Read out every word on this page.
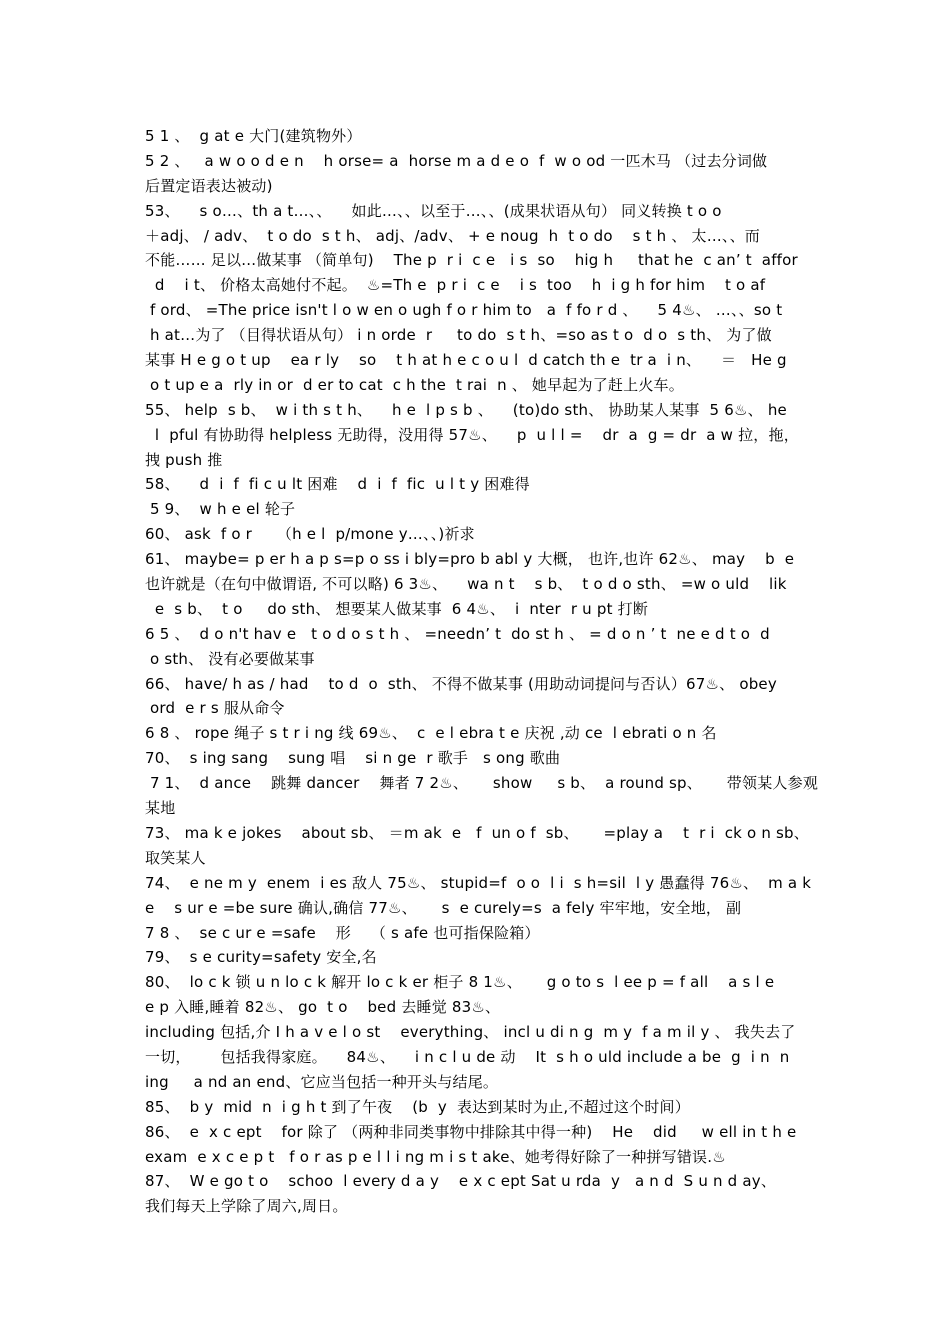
5 1 、  g at e 大门(建筑物外）
5 2 、   a w o o d e n    h orse= a  horse m a d e o  f  w o od 一匹木马 （过去分词做
后置定语表达被动)
53、    s o…、th a t…、、    如此…、、以至于…、、(成果状语从句） 同义转换 t o o
＋adj、 / adv、  t o do  s t h、 adj、/adv、 + e noug  h  t o do    s t h 、 太…、、而
不能…… 足以…做某事 （简单句)    The p  r i  c e   i s  so    hig h     that he  c an’ t  affor
d    i t、 价格太高她付不起。  ♨=Th e  p r i  c e    i s  too    h  i g h for him    t o af
f ord、 =The price isn't l o w en o ugh f o r him to   a  f fo r d 、    5 4♨、 …、、so t
h at…为了 （目得状语从句） i n orde  r     to do  s t h、=so as t o  d o  s th、 为了做
某事 H e g o t up    ea r ly    so    t h at h e c o u l  d catch th e  tr a  i n、    ＝   He g
o t up e a  rly in or  d er to cat  c h the  t rai  n 、 她早起为了赶上火车。
55、 help  s b、  w i th s t h、    h e  l p s b 、    (to)do sth、 协助某人某事  5 6♨、 he
l  pful 有协助得 helpless 无助得，没用得 57♨、    p  u l l =    dr  a  g = dr  a w 拉，拖，
拽 push 推
58、    d  i  f  fi c u lt 困难    d  i  f  fic  u l t y 困难得
5 9、  w h e el 轮子
60、 ask  f o r     （h e l  p/mone y…、、)祈求
61、 maybe= p er h a p s=p o ss i bly=pro b abl y 大概， 也许,也许 62♨、 may    b  e
也许就是（在句中做谓语, 不可以略) 6 3♨、    wa n t    s b、  t o d o sth、 =w o uld    lik
e  s b、  t o     do sth、 想要某人做某事  6 4♨、  i  nter  r u pt 打断
6 5 、  d o n't hav e   t o d o s t h 、 =needn’ t  do st h 、 = d o n ’ t  ne e d t o  d
o sth、 没有必要做某事
66、 have/ h as / had    to d  o  sth、 不得不做某事 (用助动词提问与否认）67♨、 obey
ord  e r s 服从命令
6 8 、 rope 绳子 s t r i ng 线 69♨、  c  e l ebra t e 庆祝 ,动 ce  l ebrati o n 名
70、  s ing sang    sung 唱    si n ge  r 歌手   s ong 歌曲
7 1、  d ance    跳舞 dancer    舞者 7 2♨、     show     s b、  a round sp、     带领某人参观
某地
73、 ma k e jokes    about sb、 ＝m ak  e   f  un o f  sb、     =play a    t  r i  ck o n sb、
取笑某人
74、  e ne m y  enem  i es 敌人 75♨、 stupid=f  o o  l i  s h=sil  l y 愚蠢得 76♨、  m a k
e    s ur e =be sure 确认,确信 77♨、     s  e curely=s  a fely 牢牢地，安全地， 副
7 8 、  se c ur e =safe    形    （ s afe 也可指保险箱）
79、  s e curity=safety 安全,名
80、  lo c k 锁 u n lo c k 解开 lo c k er 柜子 8 1♨、     g o to s  l ee p = f all    a s l e
e p 入睡,睡着 82♨、 go  t o    bed 去睡觉 83♨、
including 包括,介 I h a v e l o st    everything、 incl u di n g  m y  f a m il y 、 我失去了
一切，      包括我得家庭。    84♨、    i n c l u de 动    It  s h o uld include a be  g  i n  n
ing     a nd an end、它应当包括一种开头与结尾。
85、  b y  mid  n  i g h t 到了午夜    (b  y  表达到某时为止,不超过这个时间）
86、  e  x c ept    for 除了 （两种非同类事物中排除其中得一种)    He    did     w ell in t h e
exam  e x c e p t   f o r as p e l l i ng m i s t ake、她考得好除了一种拼写错误.♨
87、  W e go t o    schoo  l every d a y    e x c ept Sat u rda  y   a n d  S u n d ay、
我们每天上学除了周六,周日。
